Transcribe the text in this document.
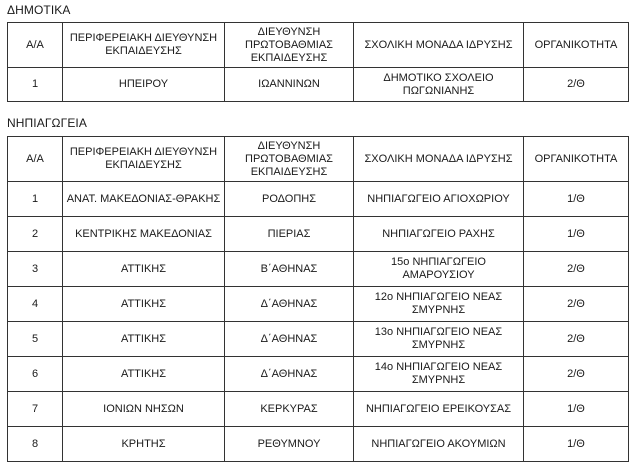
ΔΗΜΟΤΙΚΑ
Α/Α	ΠΕΡΙΦΕΡΕΙΑΚΗ ΔΙΕΥΘΥΝΣΗ ΕΚΠΑΙΔΕΥΣΗΣ	ΔΙΕΥΘΥΝΣΗ ΠΡΩΤΟΒΑΘΜΙΑΣ ΕΚΠΑΙΔΕΥΣΗΣ	ΣΧΟΛΙΚΗ ΜΟΝΑΔΑ ΙΔΡΥΣΗΣ	ΟΡΓΑΝΙΚΟΤΗΤΑ
1	ΗΠΕΙΡΟΥ	ΙΩΑΝΝΙΝΩΝ	ΔΗΜΟΤΙΚΟ ΣΧΟΛΕΙΟ ΠΩΓΩΝΙΑΝΗΣ	2/Θ
ΝΗΠΙΑΓΩΓΕΙΑ
Α/Α	ΠΕΡΙΦΕΡΕΙΑΚΗ ΔΙΕΥΘΥΝΣΗ ΕΚΠΑΙΔΕΥΣΗΣ	ΔΙΕΥΘΥΝΣΗ ΠΡΩΤΟΒΑΘΜΙΑΣ ΕΚΠΑΙΔΕΥΣΗΣ	ΣΧΟΛΙΚΗ ΜΟΝΑΔΑ ΙΔΡΥΣΗΣ	ΟΡΓΑΝΙΚΟΤΗΤΑ
1	ΑΝΑΤ. ΜΑΚΕΔΟΝΙΑΣ-ΘΡΑΚΗΣ	ΡΟΔΟΠΗΣ	ΝΗΠΙΑΓΩΓΕΙΟ ΑΓΙΟΧΩΡΙΟΥ	1/Θ
2	ΚΕΝΤΡΙΚΗΣ ΜΑΚΕΔΟΝΙΑΣ	ΠΙΕΡΙΑΣ	ΝΗΠΙΑΓΩΓΕΙΟ ΡΑΧΗΣ	1/Θ
3	ΑΤΤΙΚΗΣ	Β΄ΑΘΗΝΑΣ	15ο ΝΗΠΙΑΓΩΓΕΙΟ ΑΜΑΡΟΥΣΙΟΥ	2/Θ
4	ΑΤΤΙΚΗΣ	Δ΄ΑΘΗΝΑΣ	12ο ΝΗΠΙΑΓΩΓΕΙΟ ΝΕΑΣ ΣΜΥΡΝΗΣ	2/Θ
5	ΑΤΤΙΚΗΣ	Δ΄ΑΘΗΝΑΣ	13ο ΝΗΠΙΑΓΩΓΕΙΟ ΝΕΑΣ ΣΜΥΡΝΗΣ	2/Θ
6	ΑΤΤΙΚΗΣ	Δ΄ΑΘΗΝΑΣ	14ο ΝΗΠΙΑΓΩΓΕΙΟ ΝΕΑΣ ΣΜΥΡΝΗΣ	2/Θ
7	ΙΟΝΙΩΝ ΝΗΣΩΝ	ΚΕΡΚΥΡΑΣ	ΝΗΠΙΑΓΩΓΕΙΟ ΕΡΕΙΚΟΥΣΑΣ	1/Θ
8	ΚΡΗΤΗΣ	ΡΕΘΥΜΝΟΥ	ΝΗΠΙΑΓΩΓΕΙΟ ΑΚΟΥΜΙΩΝ	1/Θ
